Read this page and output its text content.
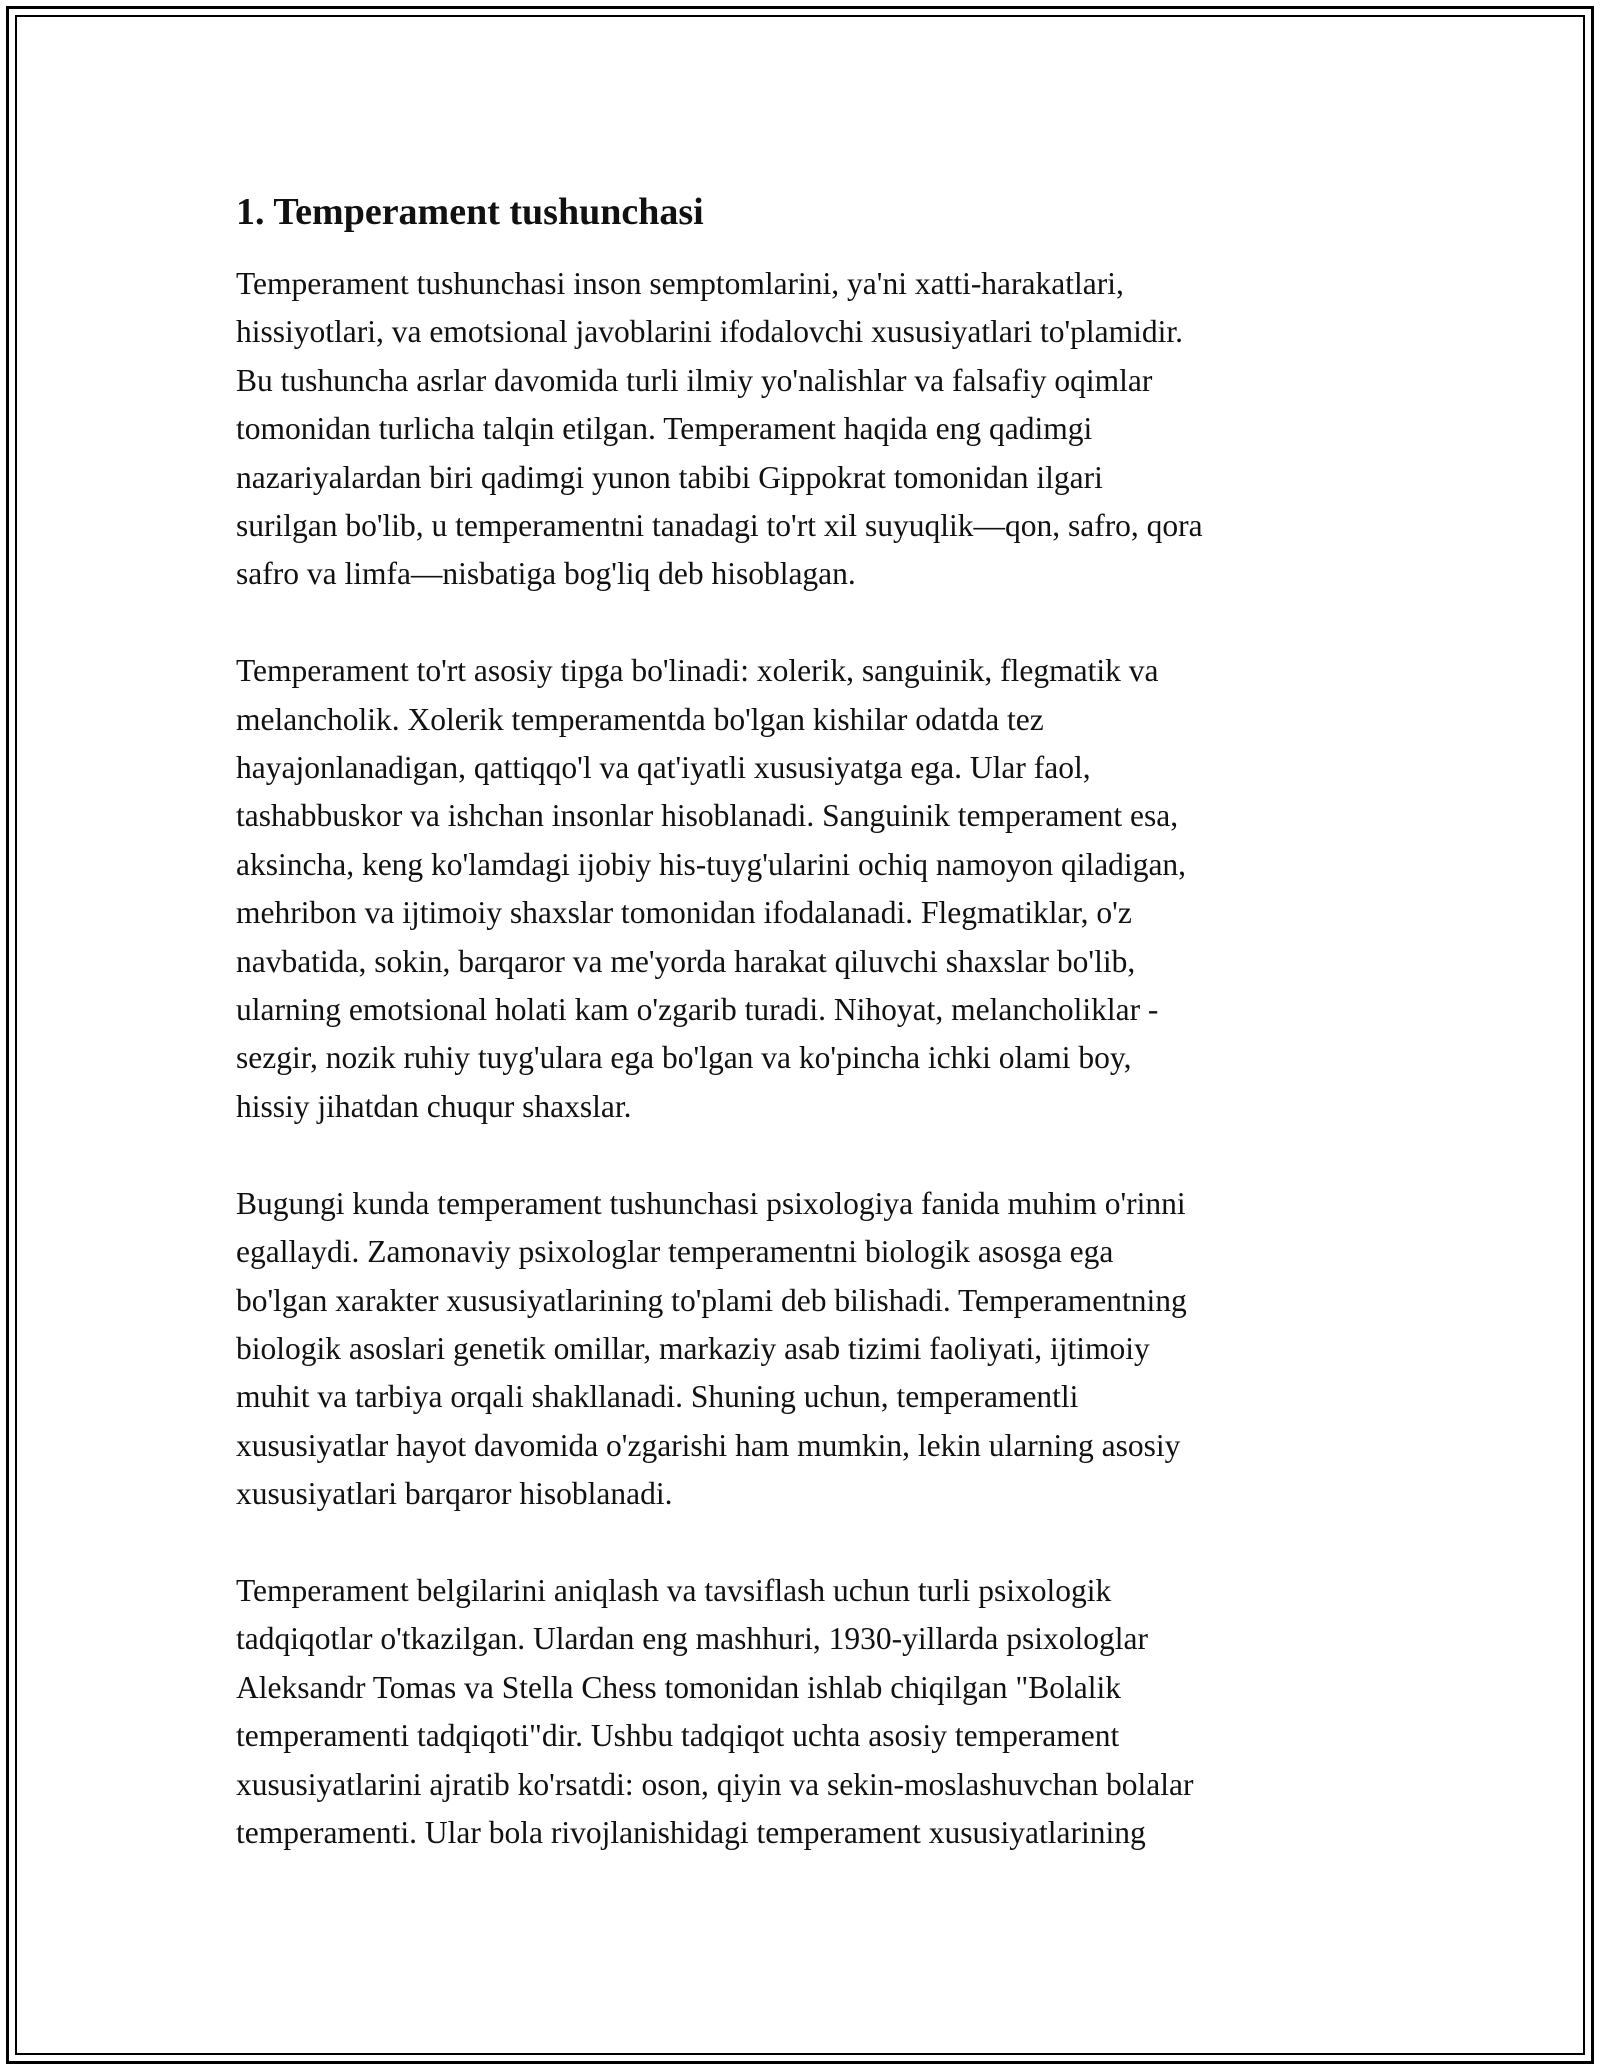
1. Temperament tushunchasi
Temperament tushunchasi inson semptomlarini, ya'ni xatti-harakatlari,
hissiyotlari, va emotsional javoblarini ifodalovchi xususiyatlari to'plamidir.
Bu tushuncha asrlar davomida turli ilmiy yo'nalishlar va falsafiy oqimlar
tomonidan turlicha talqin etilgan. Temperament haqida eng qadimgi
nazariyalardan biri qadimgi yunon tabibi Gippokrat tomonidan ilgari
surilgan bo'lib, u temperamentni tanadagi to'rt xil suyuqlik—qon, safro, qora
safro va limfa—nisbatiga bog'liq deb hisoblagan.
Temperament to'rt asosiy tipga bo'linadi: xolerik, sanguinik, flegmatik va
melancholik. Xolerik temperamentda bo'lgan kishilar odatda tez
hayajonlanadigan, qattiqqo'l va qat'iyatli xususiyatga ega. Ular faol,
tashabbuskor va ishchan insonlar hisoblanadi. Sanguinik temperament esa,
aksincha, keng ko'lamdagi ijobiy his-tuyg'ularini ochiq namoyon qiladigan,
mehribon va ijtimoiy shaxslar tomonidan ifodalanadi. Flegmatiklar, o'z
navbatida, sokin, barqaror va me'yorda harakat qiluvchi shaxslar bo'lib,
ularning emotsional holati kam o'zgarib turadi. Nihoyat, melancholiklar -
sezgir, nozik ruhiy tuyg'ulara ega bo'lgan va ko'pincha ichki olami boy,
hissiy jihatdan chuqur shaxslar.
Bugungi kunda temperament tushunchasi psixologiya fanida muhim o'rinni
egallaydi. Zamonaviy psixologlar temperamentni biologik asosga ega
bo'lgan xarakter xususiyatlarining to'plami deb bilishadi. Temperamentning
biologik asoslari genetik omillar, markaziy asab tizimi faoliyati, ijtimoiy
muhit va tarbiya orqali shakllanadi. Shuning uchun, temperamentli
xususiyatlar hayot davomida o'zgarishi ham mumkin, lekin ularning asosiy
xususiyatlari barqaror hisoblanadi.
Temperament belgilarini aniqlash va tavsiflash uchun turli psixologik
tadqiqotlar o'tkazilgan. Ulardan eng mashhuri, 1930-yillarda psixologlar
Aleksandr Tomas va Stella Chess tomonidan ishlab chiqilgan "Bolalik
temperamenti tadqiqoti"dir. Ushbu tadqiqot uchta asosiy temperament
xususiyatlarini ajratib ko'rsatdi: oson, qiyin va sekin-moslashuvchan bolalar
temperamenti. Ular bola rivojlanishidagi temperament xususiyatlarining
